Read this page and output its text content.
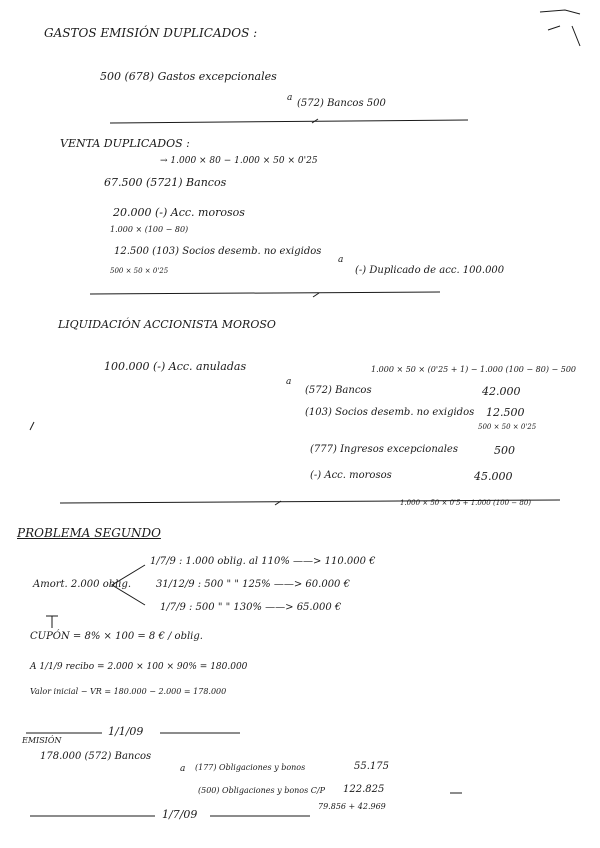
GASTOS EMISIÓN DUPLICADOS :
500 (678) Gastos excepcionales
a (572) Bancos 500
VENTA DUPLICADOS :
→ 1.000 × 80 − 1.000 × 50 × 0'25
67.500 (5721) Bancos
20.000 (-) Acc. morosos
1.000 × (100 − 80)
12.500 (103) Socios desemb. no exigidos
500 × 50 × 0'25
a
(-) Duplicado de acc. 100.000
LIQUIDACIÓN ACCIONISTA MOROSO
100.000 (-) Acc. anuladas
a
1.000 × 50 × (0'25 + 1) − 1.000 (100 − 80) − 500
(572) Bancos	42.000
(103) Socios desemb. no exigidos 12.500
500 × 50 × 0'25
(777) Ingresos excepcionales	500
(-) Acc. morosos	45.000
1.000 × 50 × 0'5 + 1.000 (100 − 80)
PROBLEMA SEGUNDO
Amort. 2.000 oblig.
1/7/9 : 1.000 oblig. al 110% ——> 110.000 €
31/12/9 : 500 " " 125% ——> 60.000 €
1/7/9 : 500 " " 130% ——> 65.000 €
CUPÓN = 8% × 100 = 8 € / oblig.
A 1/1/9 recibo = 2.000 × 100 × 90% = 180.000
Valor inicial − VR = 180.000 − 2.000 = 178.000
1/1/09
EMISIÓN
178.000 (572) Bancos
a (177) Obligaciones y bonos	55.175
(500) Obligaciones y bonos C/P 122.825
1/7/09
79.856 + 42.969
